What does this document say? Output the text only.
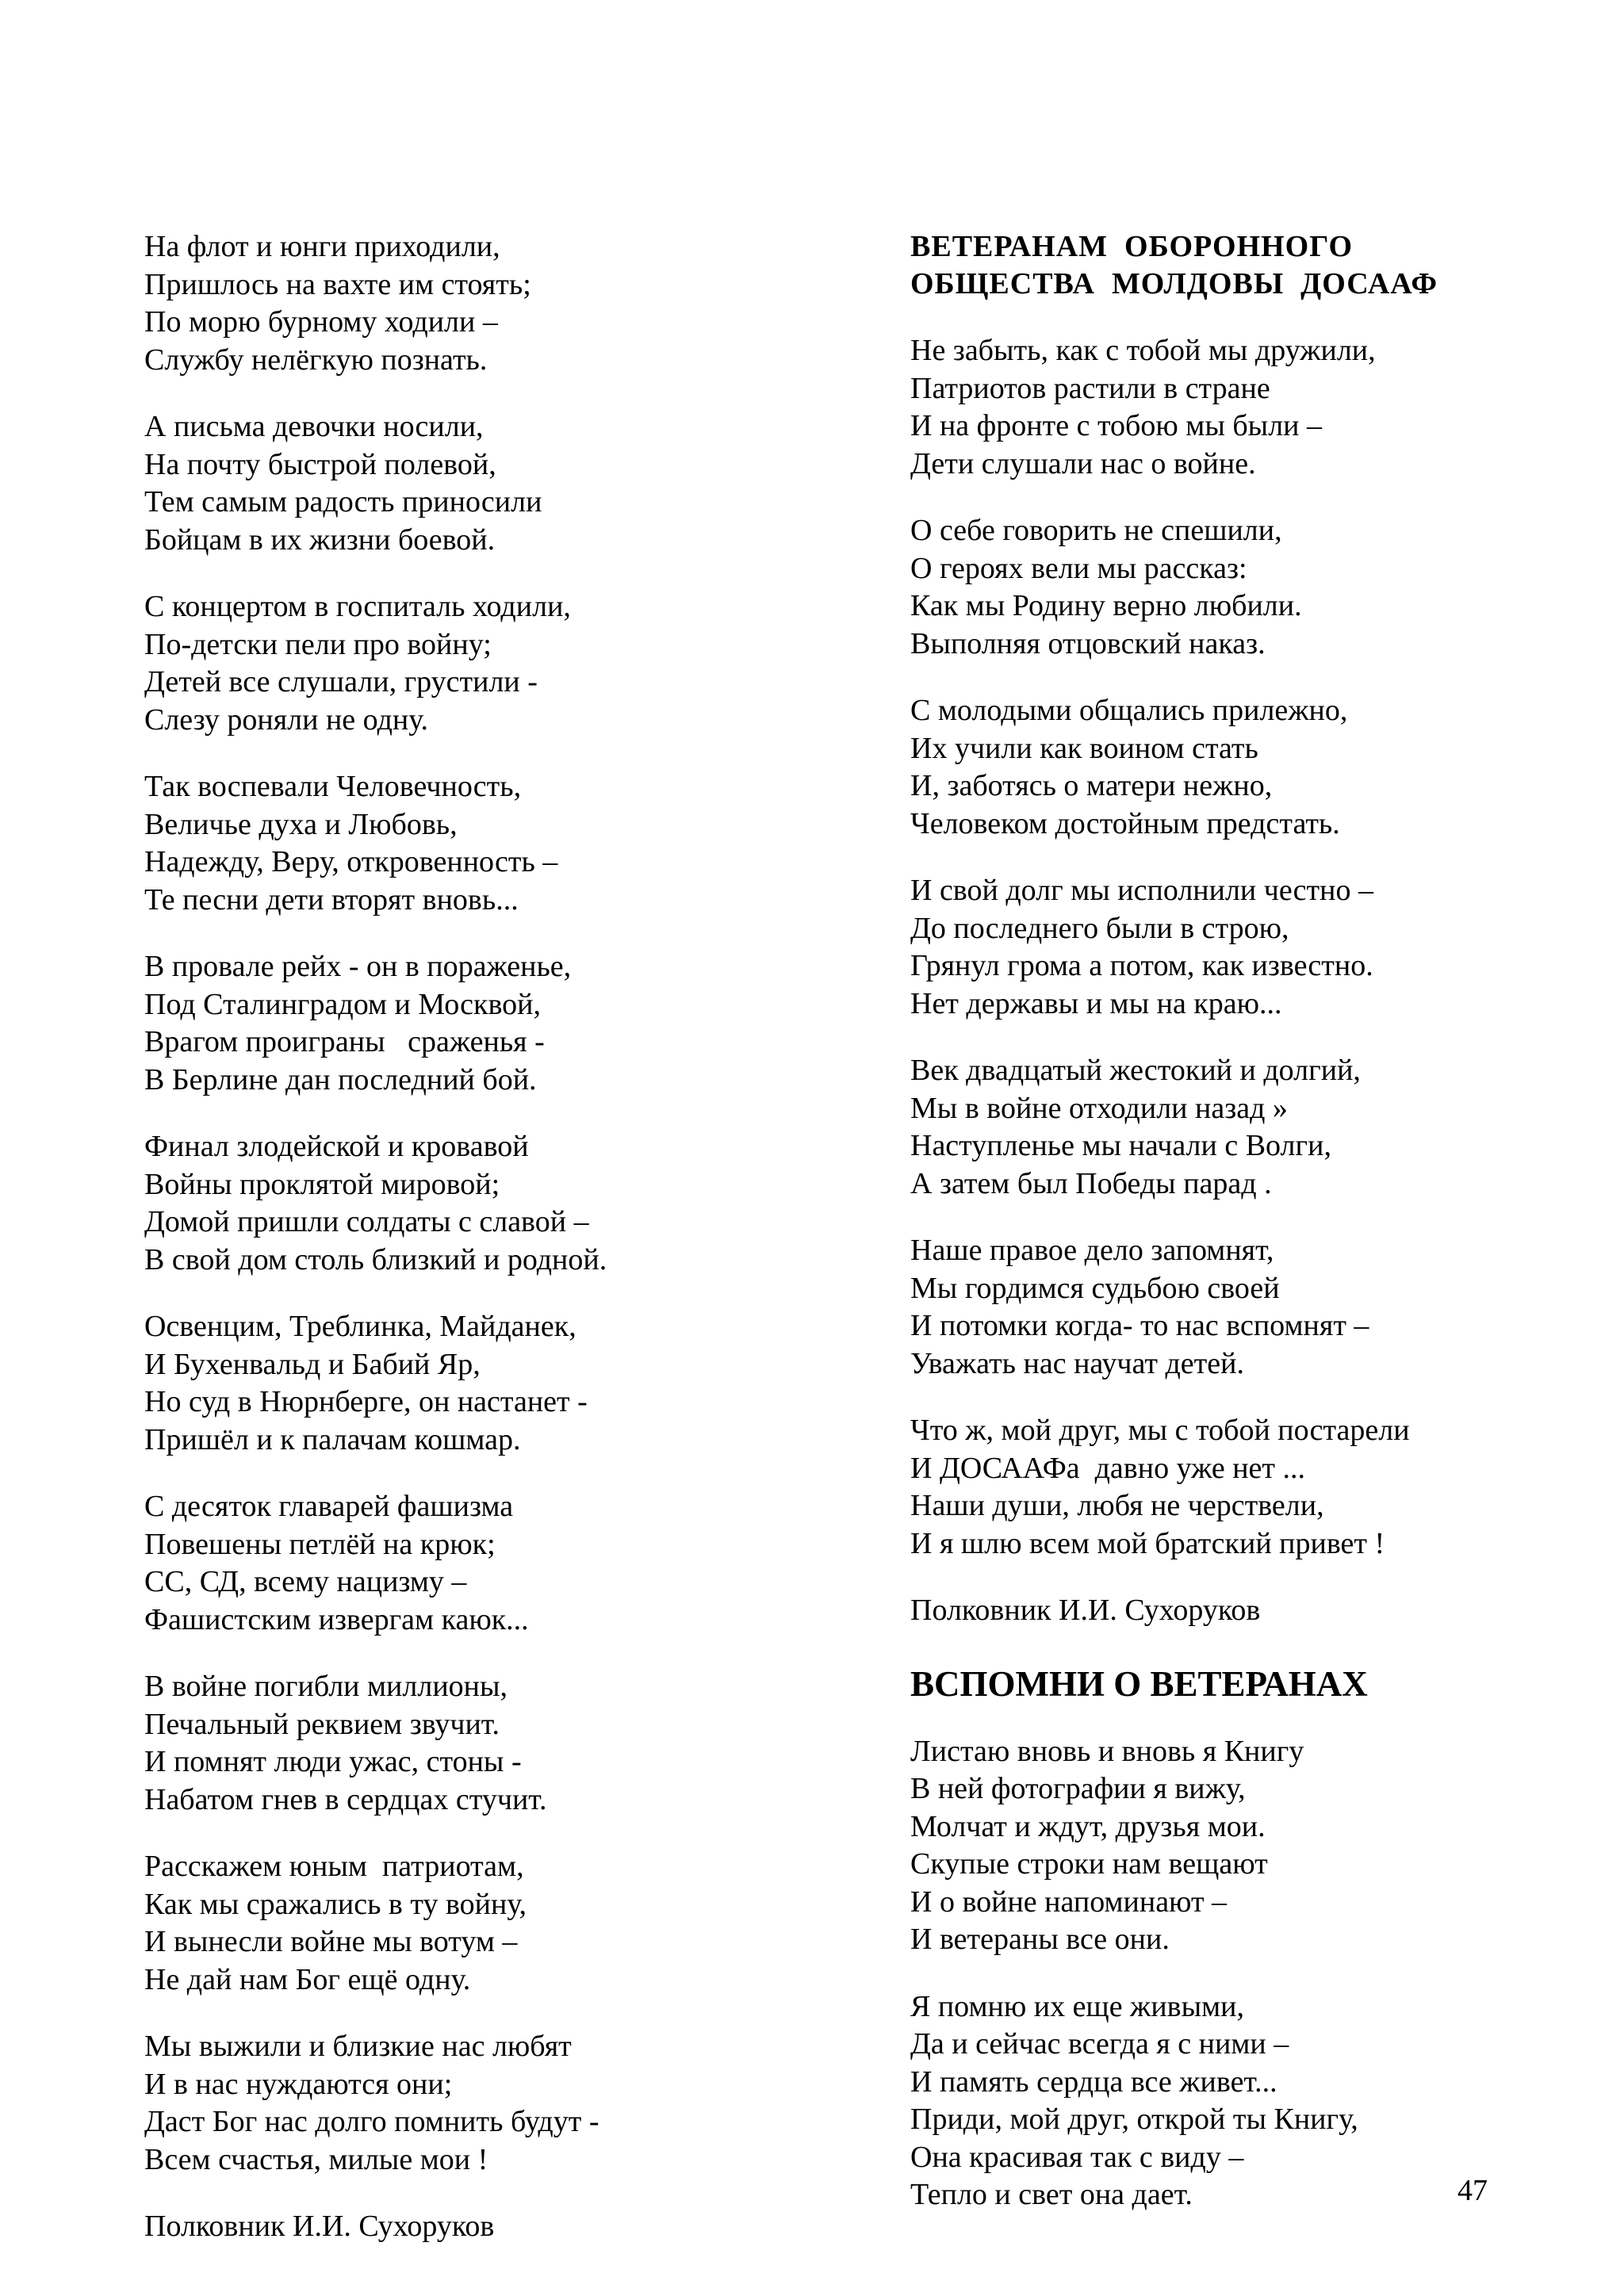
На флот и юнги приходили,
Пришлось на вахте им стоять;
По морю бурному ходили –
Службу нелёгкую познать.
А письма девочки носили,
На почту быстрой полевой,
Тем самым радость приносили
Бойцам в их жизни боевой.
С концертом в госпиталь ходили,
По-детски пели про войну;
Детей все слушали, грустили -
Слезу роняли не одну.
Так воспевали Человечность,
Величье духа и Любовь,
Надежду, Веру, откровенность –
Те песни дети вторят вновь...
В провале рейх - он в пораженье,
Под Сталинградом и Москвой,
Врагом проиграны   сраженья -
В Берлине дан последний бой.
Финал злодейской и кровавой
Войны проклятой мировой;
Домой пришли солдаты с славой –
В свой дом столь близкий и родной.
Освенцим, Треблинка, Майданек,
И Бухенвальд и Бабий Яр,
Но суд в Нюрнберге, он настанет -
Пришёл и к палачам кошмар.
С десяток главарей фашизма
Повешены петлёй на крюк;
СС, СД, всему нацизму –
Фашистским извергам каюк...
В войне погибли миллионы,
Печальный реквием звучит.
И помнят люди ужас, стоны -
Набатом гнев в сердцах стучит.
Расскажем юным  патриотам,
Как мы сражались в ту войну,
И вынесли войне мы вотум –
Не дай нам Бог ещё одну.
Мы выжили и близкие нас любят
И в нас нуждаются они;
Даст Бог нас долго помнить будут -
Всем счастья, милые мои !
Полковник И.И. Сухоруков
ВЕТЕРАНАМ  ОБОРОННОГО
ОБЩЕСТВА  МОЛДОВЫ  ДОСААФ
Не забыть, как с тобой мы дружили,
Патриотов растили в стране
И на фронте с тобою мы были –
Дети слушали нас о войне.
О себе говорить не спешили,
О героях вели мы рассказ:
Как мы Родину верно любили.
Выполняя отцовский наказ.
С молодыми общались прилежно,
Их учили как воином стать
И, заботясь о матери нежно,
Человеком достойным предстать.
И свой долг мы исполнили честно –
До последнего были в строю,
Грянул грома а потом, как известно.
Нет державы и мы на краю...
Век двадцатый жестокий и долгий,
Мы в войне отходили назад »
Наступленье мы начали с Волги,
А затем был Победы парад .
Наше правое дело запомнят,
Мы гордимся судьбою своей
И потомки когда- то нас вспомнят –
Уважать нас научат детей.
Что ж, мой друг, мы с тобой постарели
И ДОСААФа  давно уже нет ...
Наши души, любя не черствели,
И я шлю всем мой братский привет !
Полковник И.И. Сухоруков
ВСПОМНИ О ВЕТЕРАНАХ
Листаю вновь и вновь я Книгу
В ней фотографии я вижу,
Молчат и ждут, друзья мои.
Скупые строки нам вещают
И о войне напоминают –
И ветераны все они.
Я помню их еще живыми,
Да и сейчас всегда я с ними –
И память сердца все живет...
Приди, мой друг, открой ты Книгу,
Она красивая так с виду –
Тепло и свет она дает.	47
